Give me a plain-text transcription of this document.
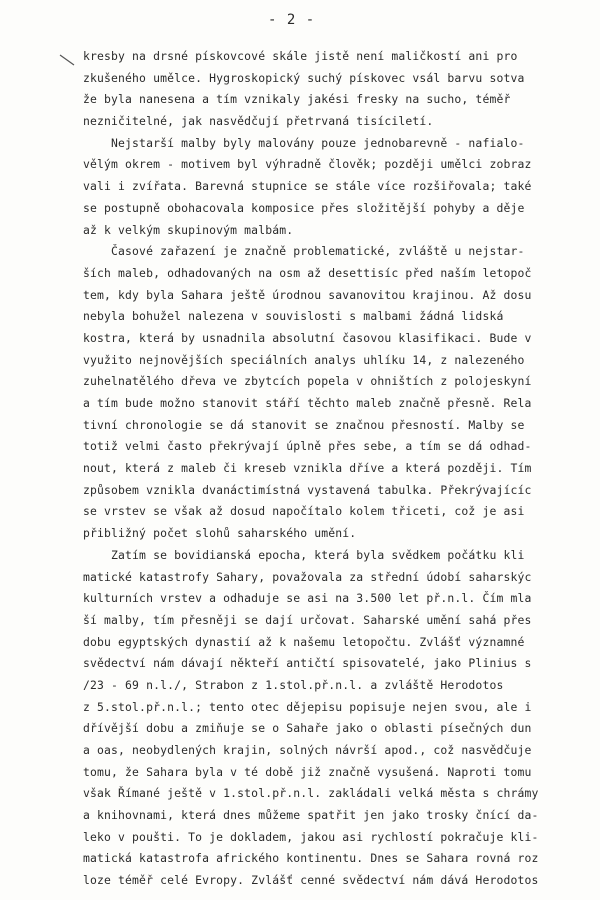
- 2 -
kresby na drsné pískovcové skále jistě není maličkostí ani pro
zkušeného umělce. Hygroskopický suchý pískovec vsál barvu sotva
že byla nanesena a tím vznikaly jakési fresky na sucho, téměř
nezničitelné, jak nasvědčují přetrvaná tisíciletí.
Nejstarší malby byly malovány pouze jednobarevně - nafialo-
vělým okrem - motivem byl výhradně člověk; později umělci zobraz
vali i zvířata. Barevná stupnice se stále více rozšiřovala; také
se postupně obohacovala komposice přes složitější pohyby a děje
až k velkým skupinovým malbám.
Časové zařazení je značně problematické, zvláště u nejstar-
ších maleb, odhadovaných na osm až desettisíc před naším letopoč
tem, kdy byla Sahara ještě úrodnou savanovitou krajinou. Až dosu
nebyla bohužel nalezena v souvislosti s malbami žádná lidská
kostra, která by usnadnila absolutní časovou klasifikaci. Bude v
využito nejnovějších speciálních analys uhlíku 14, z nalezeného
zuhelnatělého dřeva ve zbytcích popela v ohništích z polojeskyní
a tím bude možno stanovit stáří těchto maleb značně přesně. Rela
tivní chronologie se dá stanovit se značnou přesností. Malby se
totiž velmi často překrývají úplně přes sebe, a tím se dá odhad-
nout, která z maleb či kreseb vznikla dříve a která později. Tím
způsobem vznikla dvanáctimístná vystavená tabulka. Překrývajícíc
se vrstev se však až dosud napočítalo kolem třiceti, což je asi
přibližný počet slohů saharského umění.
Zatím se bovidianská epocha, která byla svědkem počátku kli
matické katastrofy Sahary, považovala za střední údobí saharskýc
kulturních vrstev a odhaduje se asi na 3.500 let př.n.l. Čím mla
ší malby, tím přesněji se dají určovat. Saharské umění sahá přes
dobu egyptských dynastií až k našemu letopočtu. Zvlášť významné
svědectví nám dávají někteří antičtí spisovatelé, jako Plinius s
/23 - 69 n.l./, Strabon z 1.stol.př.n.l. a zvláště Herodotos
z 5.stol.př.n.l.; tento otec dějepisu popisuje nejen svou, ale i
dřívější dobu a zmiňuje se o Sahaře jako o oblasti písečných dun
a oas, neobydlených krajin, solných návrší apod., což nasvědčuje
tomu, že Sahara byla v té době již značně vysušená. Naproti tomu
však Římané ještě v 1.stol.př.n.l. zakládali velká města s chrámy
a knihovnami, která dnes můžeme spatřit jen jako trosky čnící da-
leko v poušti. To je dokladem, jakou asi rychlostí pokračuje kli-
matická katastrofa afrického kontinentu. Dnes se Sahara rovná roz
loze téměř celé Evropy. Zvlášť cenné svědectví nám dává Herodotos
